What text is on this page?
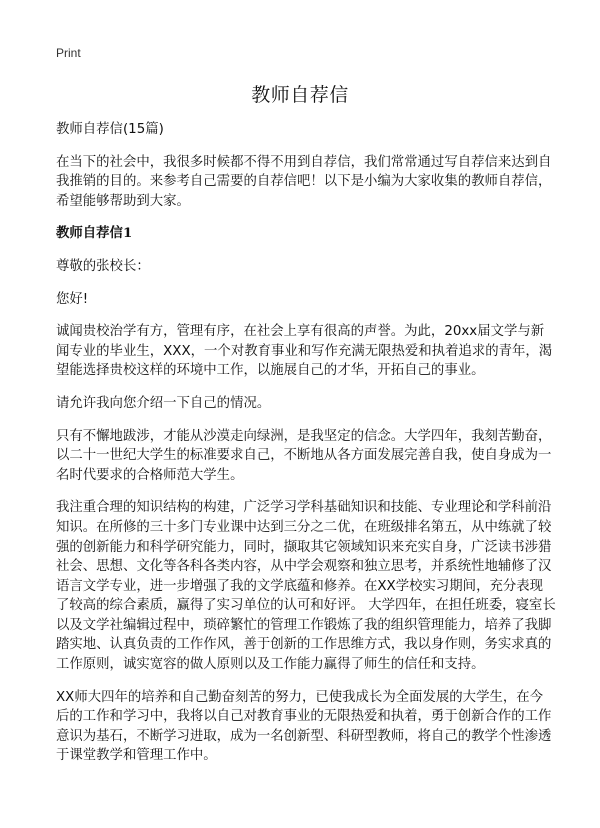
Print
教师自荐信

教师自荐信(15篇)

在当下的社会中，我很多时候都不得不用到自荐信，我们常常通过写自荐信来达到自我推销的目的。来参考自己需要的自荐信吧！以下是小编为大家收集的教师自荐信，希望能够帮助到大家。

教师自荐信1

尊敬的张校长：

您好!

诚闻贵校治学有方，管理有序，在社会上享有很高的声誉。为此，20xx届文学与新闻专业的毕业生，XXX，一个对教育事业和写作充满无限热爱和执着追求的青年，渴望能选择贵校这样的环境中工作，以施展自己的才华，开拓自己的事业。

请允许我向您介绍一下自己的情况。

只有不懈地跋涉，才能从沙漠走向绿洲，是我坚定的信念。大学四年，我刻苦勤奋，以二十一世纪大学生的标准要求自己，不断地从各方面发展完善自我，使自身成为一名时代要求的合格师范大学生。

我注重合理的知识结构的构建，广泛学习学科基础知识和技能、专业理论和学科前沿知识。在所修的三十多门专业课中达到三分之二优，在班级排名第五，从中练就了较强的创新能力和科学研究能力，同时，撷取其它领域知识来充实自身，广泛读书涉猎社会、思想、文化等各科各类内容，从中学会观察和独立思考，并系统性地辅修了汉语言文学专业，进一步增强了我的文学底蕴和修养。在XX学校实习期间，充分表现了较高的综合素质，赢得了实习单位的认可和好评。 大学四年，在担任班委，寝室长以及文学社编辑过程中，琐碎繁忙的管理工作锻炼了我的组织管理能力，培养了我脚踏实地、认真负责的工作作风，善于创新的工作思维方式，我以身作则，务实求真的工作原则，诚实宽容的做人原则以及工作能力赢得了师生的信任和支持。

XX师大四年的培养和自己勤奋刻苦的努力，已使我成长为全面发展的大学生，在今后的工作和学习中，我将以自己对教育事业的无限热爱和执着，勇于创新合作的工作意识为基石，不断学习进取，成为一名创新型、科研型教师，将自己的教学个性渗透于课堂教学和管理工作中。
